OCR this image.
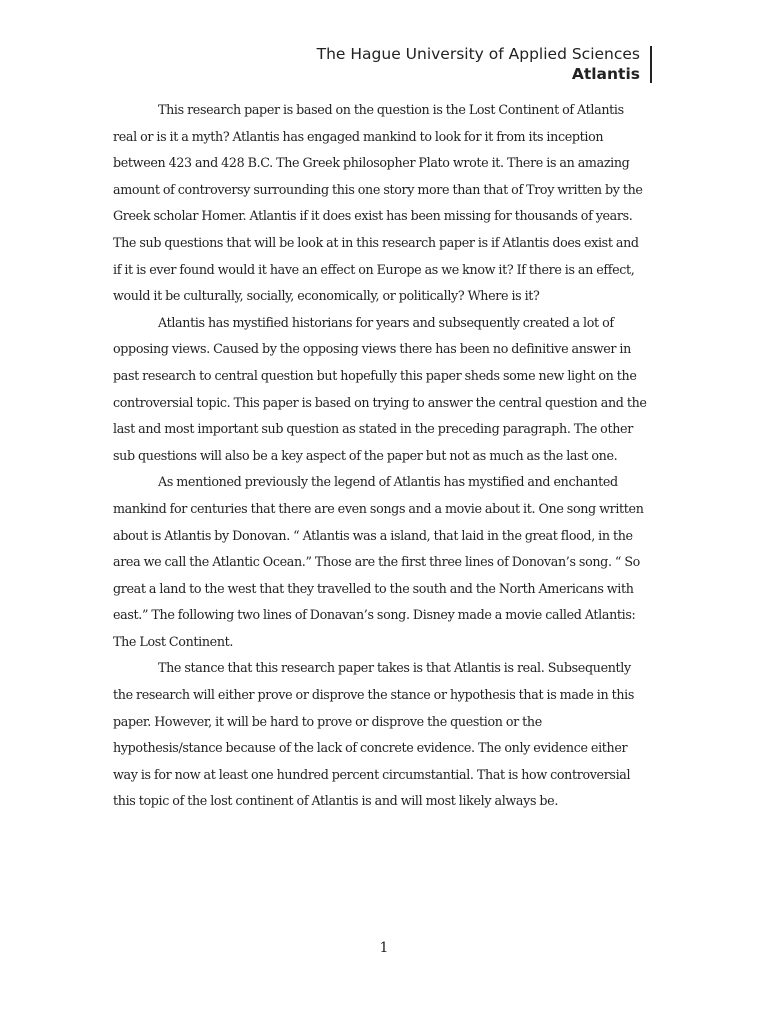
The Hague University of Applied Sciences
Atlantis

This research paper is based on the question is the Lost Continent of Atlantis real or is it a myth? Atlantis has engaged mankind to look for it from its inception between 423 and 428 B.C. The Greek philosopher Plato wrote it. There is an amazing amount of controversy surrounding this one story more than that of Troy written by the Greek scholar Homer. Atlantis if it does exist has been missing for thousands of years. The sub questions that will be look at in this research paper is if Atlantis does exist and if it is ever found would it have an effect on Europe as we know it? If there is an effect, would it be culturally, socially, economically, or politically? Where is it?

Atlantis has mystified historians for years and subsequently created a lot of opposing views. Caused by the opposing views there has been no definitive answer in past research to central question but hopefully this paper sheds some new light on the controversial topic. This paper is based on trying to answer the central question and the last and most important sub question as stated in the preceding paragraph. The other sub questions will also be a key aspect of the paper but not as much as the last one.

As mentioned previously the legend of Atlantis has mystified and enchanted mankind for centuries that there are even songs and a movie about it. One song written about is Atlantis by Donovan. “ Atlantis was a island, that laid in the great flood, in the area we call the Atlantic Ocean.” Those are the first three lines of Donovan’s song. “ So great a land to the west that they travelled to the south and the North Americans with east.” The following two lines of Donavan’s song. Disney made a movie called Atlantis: The Lost Continent.

The stance that this research paper takes is that Atlantis is real. Subsequently the research will either prove or disprove the stance or hypothesis that is made in this paper. However, it will be hard to prove or disprove the question or the hypothesis/stance because of the lack of concrete evidence. The only evidence either way is for now at least one hundred percent circumstantial. That is how controversial this topic of the lost continent of Atlantis is and will most likely always be.

1
